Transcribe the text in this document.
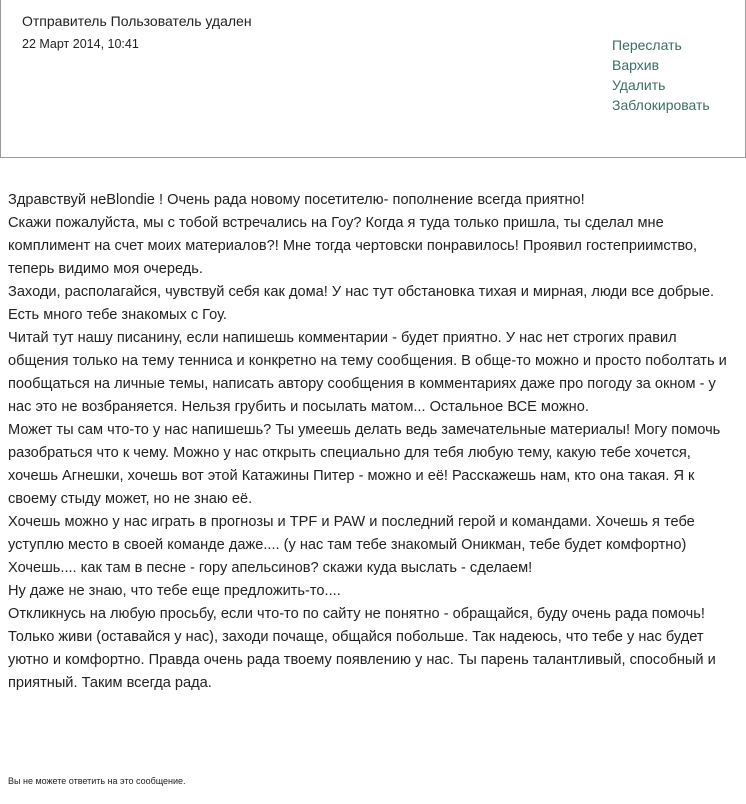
Отправитель Пользователь удален
22 Март 2014, 10:41	Переслать
Вархив
Удалить
Заблокировать

Здравствуй неBlondie ! Очень рада новому посетителю- пополнение всегда приятно!

Скажи пожалуйста, мы с тобой встречались на Гоу? Когда я туда только пришла, ты сделал мне комплимент на счет моих материалов?! Мне тогда чертовски понравилось! Проявил гостеприимство, теперь видимо моя очередь.

Заходи, располагайся, чувствуй себя как дома! У нас тут обстановка тихая и мирная, люди все добрые. Есть много тебе знакомых с Гоу.

Читай тут нашу писанину, если напишешь комментарии - будет приятно. У нас нет строгих правил общения только на тему тенниса и конкретно на тему сообщения. В обще-то можно и просто поболтать и пообщаться на личные темы, написать автору сообщения в комментариях даже про погоду за окном - у нас это не возбраняется. Нельзя грубить и посылать матом... Остальное ВСЕ можно.

Может ты сам что-то у нас напишешь? Ты умеешь делать ведь замечательные материалы! Могу помочь разобраться что к чему. Можно у нас открыть специально для тебя любую тему, какую тебе хочется, хочешь Агнешки, хочешь вот этой Катажины Питер - можно и её! Расскажешь нам, кто она такая. Я к своему стыду может, но не знаю её.

Хочешь можно у нас играть в прогнозы и TPF и PAW и последний герой и командами. Хочешь я тебе уступлю место в своей команде даже.... (у нас там тебе знакомый Оникман, тебе будет комфортно)

Хочешь.... как там в песне - гору апельсинов? скажи куда выслать - сделаем!

Ну даже не знаю, что тебе еще предложить-то....

Откликнусь на любую просьбу, если что-то по сайту не понятно - обращайся, буду очень рада помочь!

Только живи (оставайся у нас), заходи почаще, общайся побольше. Так надеюсь, что тебе у нас будет уютно и комфортно. Правда очень рада твоему появлению у нас. Ты парень талантливый, способный и приятный. Таким всегда рада.

Вы не можете ответить на это сообщение.
